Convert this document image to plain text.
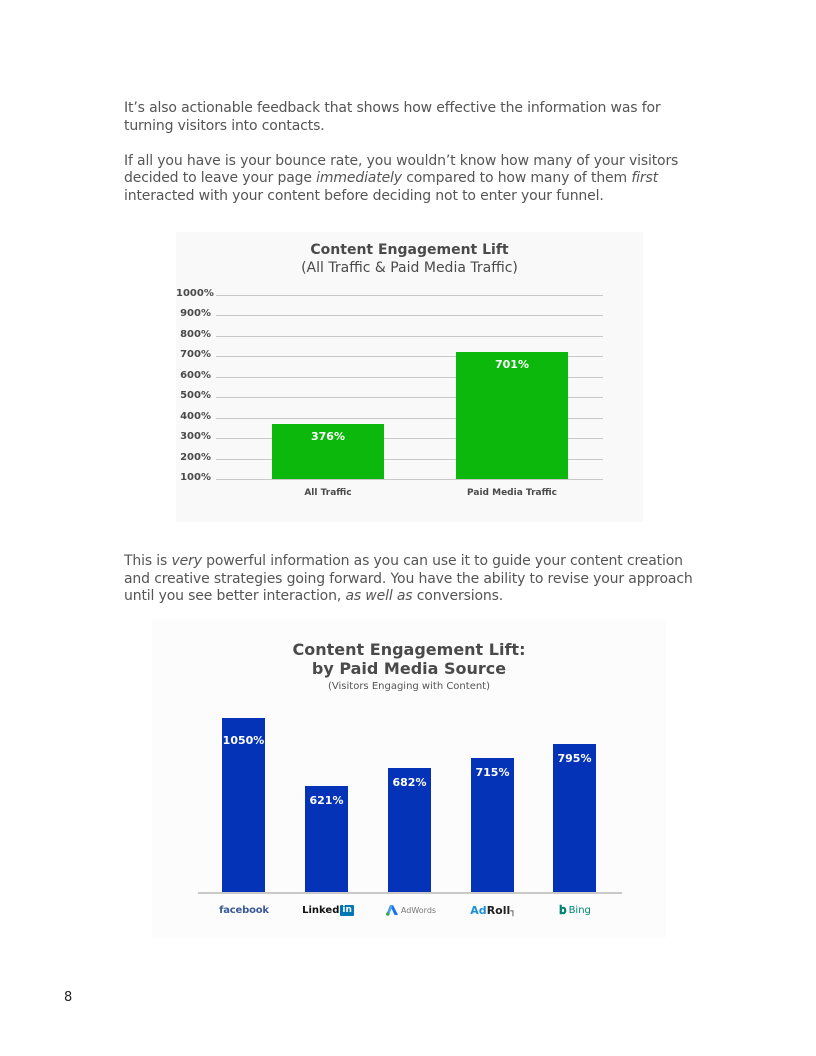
It’s also actionable feedback that shows how effective the information was for turning visitors into contacts.

If all you have is your bounce rate, you wouldn’t know how many of your visitors decided to leave your page immediately compared to how many of them first interacted with your content before deciding not to enter your funnel.

Content Engagement Lift
(All Traffic & Paid Media Traffic)
1000%
900%
800%
700%
600%
500%
400%
300%
200%
100%
376%
701%
All Traffic	Paid Media Traffic

This is very powerful information as you can use it to guide your content creation and creative strategies going forward. You have the ability to revise your approach until you see better interaction, as well as conversions.

Content Engagement Lift:
by Paid Media Source
(Visitors Engaging with Content)
1050%
621%
682%
715%
795%
facebook	Linked in	AdWords	AdRoll┐	𝐛 Bing
8
